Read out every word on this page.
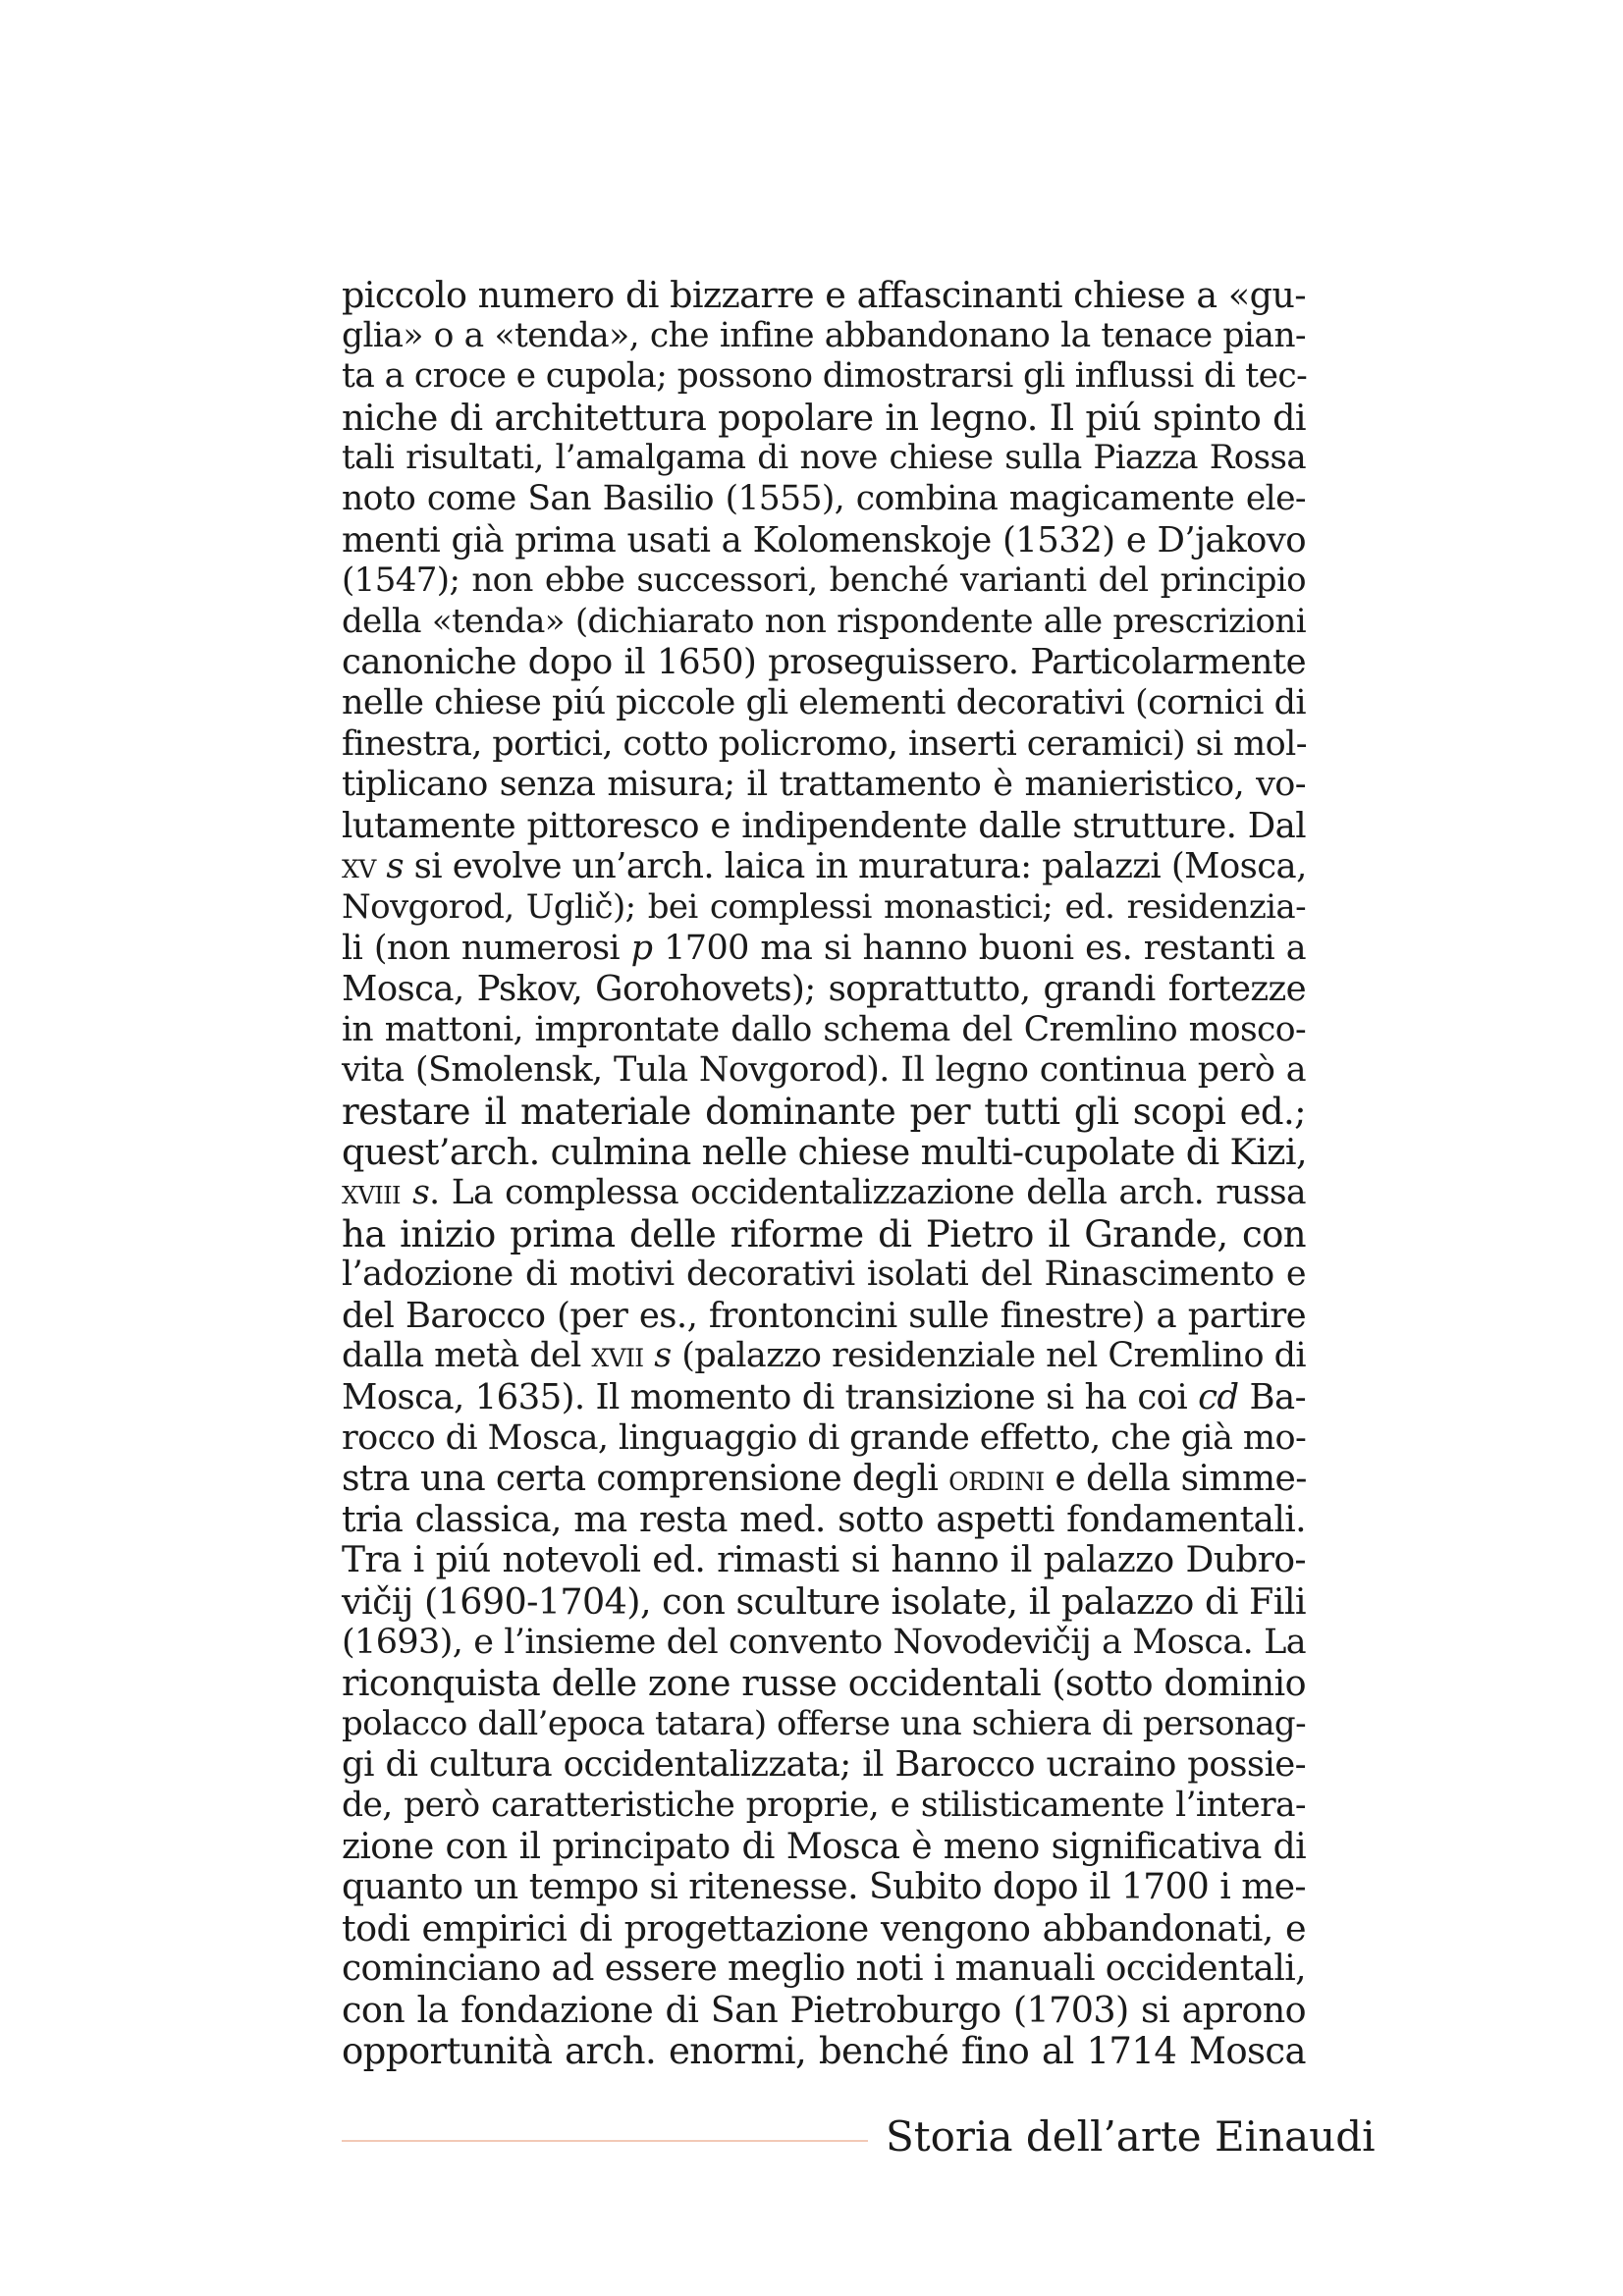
piccolo numero di bizzarre e affascinanti chiese a «gu-
glia» o a «tenda», che infine abbandonano la tenace pian-
ta a croce e cupola; possono dimostrarsi gli influssi di tec-
niche di architettura popolare in legno. Il piú spinto di
tali risultati, l’amalgama di nove chiese sulla Piazza Rossa
noto come San Basilio (1555), combina magicamente ele-
menti già prima usati a Kolomenskoje (1532) e D’jakovo
(1547); non ebbe successori, benché varianti del principio
della «tenda» (dichiarato non rispondente alle prescrizioni
canoniche dopo il 1650) proseguissero. Particolarmente
nelle chiese piú piccole gli elementi decorativi (cornici di
finestra, portici, cotto policromo, inserti ceramici) si mol-
tiplicano senza misura; il trattamento è manieristico, vo-
lutamente pittoresco e indipendente dalle strutture. Dal
xv s si evolve un’arch. laica in muratura: palazzi (Mosca,
Novgorod, Uglič); bei complessi monastici; ed. residenzia-
li (non numerosi p 1700 ma si hanno buoni es. restanti a
Mosca, Pskov, Gorohovets); soprattutto, grandi fortezze
in mattoni, improntate dallo schema del Cremlino mosco-
vita (Smolensk, Tula Novgorod). Il legno continua però a
restare il materiale dominante per tutti gli scopi ed.;
quest’arch. culmina nelle chiese multi-cupolate di Kizi,
xviii s. La complessa occidentalizzazione della arch. russa
ha inizio prima delle riforme di Pietro il Grande, con
l’adozione di motivi decorativi isolati del Rinascimento e
del Barocco (per es., frontoncini sulle finestre) a partire
dalla metà del xvii s (palazzo residenziale nel Cremlino di
Mosca, 1635). Il momento di transizione si ha coi cd Ba-
rocco di Mosca, linguaggio di grande effetto, che già mo-
stra una certa comprensione degli ordini e della simme-
tria classica, ma resta med. sotto aspetti fondamentali.
Tra i piú notevoli ed. rimasti si hanno il palazzo Dubro-
vičij (1690-1704), con sculture isolate, il palazzo di Fili
(1693), e l’insieme del convento Novodevičij a Mosca. La
riconquista delle zone russe occidentali (sotto dominio
polacco dall’epoca tatara) offerse una schiera di personag-
gi di cultura occidentalizzata; il Barocco ucraino possie-
de, però caratteristiche proprie, e stilisticamente l’intera-
zione con il principato di Mosca è meno significativa di
quanto un tempo si ritenesse. Subito dopo il 1700 i me-
todi empirici di progettazione vengono abbandonati, e
cominciano ad essere meglio noti i manuali occidentali,
con la fondazione di San Pietroburgo (1703) si aprono
opportunità arch. enormi, benché fino al 1714 Mosca
Storia dell’arte Einaudi
